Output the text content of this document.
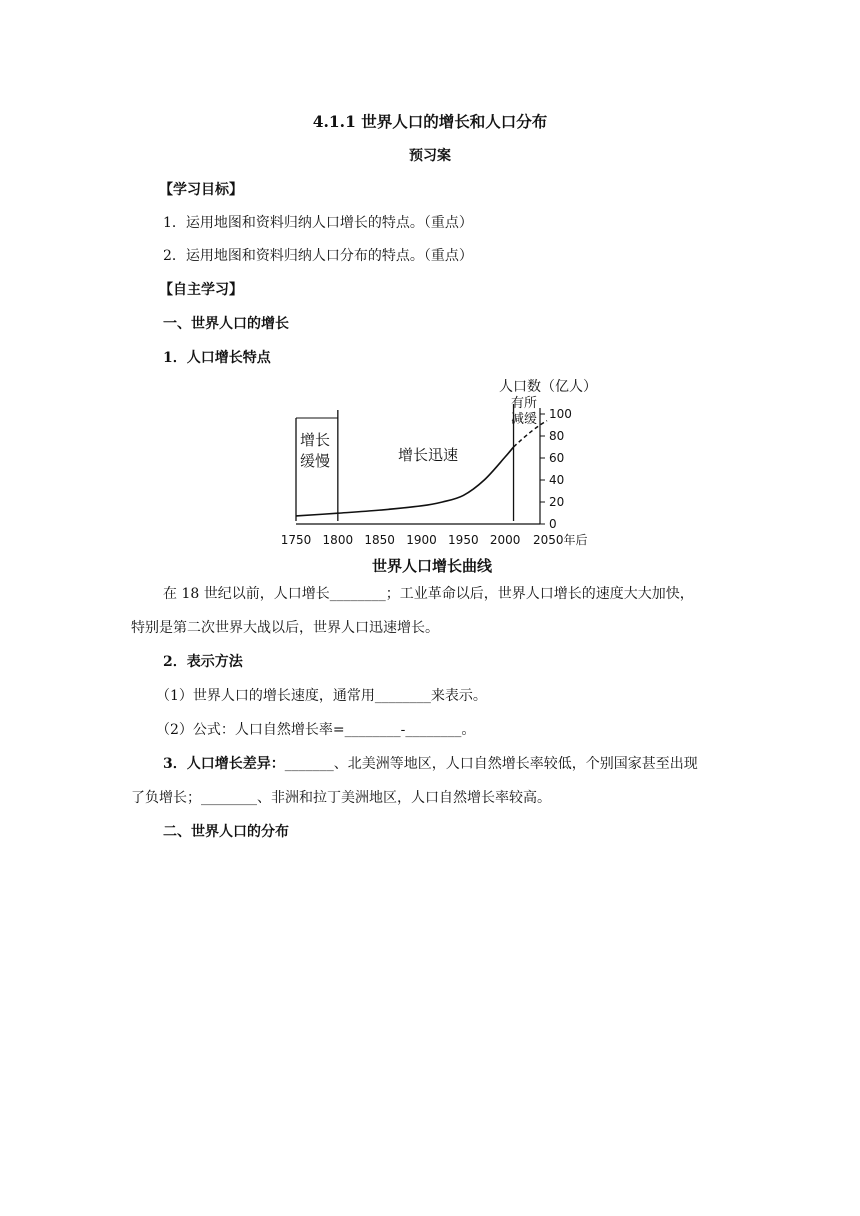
4.1.1 世界人口的增长和人口分布
预习案
【学习目标】
1．运用地图和资料归纳人口增长的特点。（重点）
2．运用地图和资料归纳人口分布的特点。（重点）
【自主学习】
一、世界人口的增长
1．人口增长特点
0
20
40
60
80
100
1750 1800 1850 1900 1950 2000 2050年后
人口数（亿人）
增长
缓慢	增长迅速
有所
减缓
世界人口增长曲线
在 18 世纪以前，人口增长________；工业革命以后，世界人口增长的速度大大加快，
特别是第二次世界大战以后，世界人口迅速增长。
2．表示方法
（1）世界人口的增长速度，通常用________来表示。
（2）公式：人口自然增长率=________-________。
3．人口增长差异：_______、北美洲等地区，人口自然增长率较低，个别国家甚至出现
了负增长；________、非洲和拉丁美洲地区，人口自然增长率较高。
二、世界人口的分布
